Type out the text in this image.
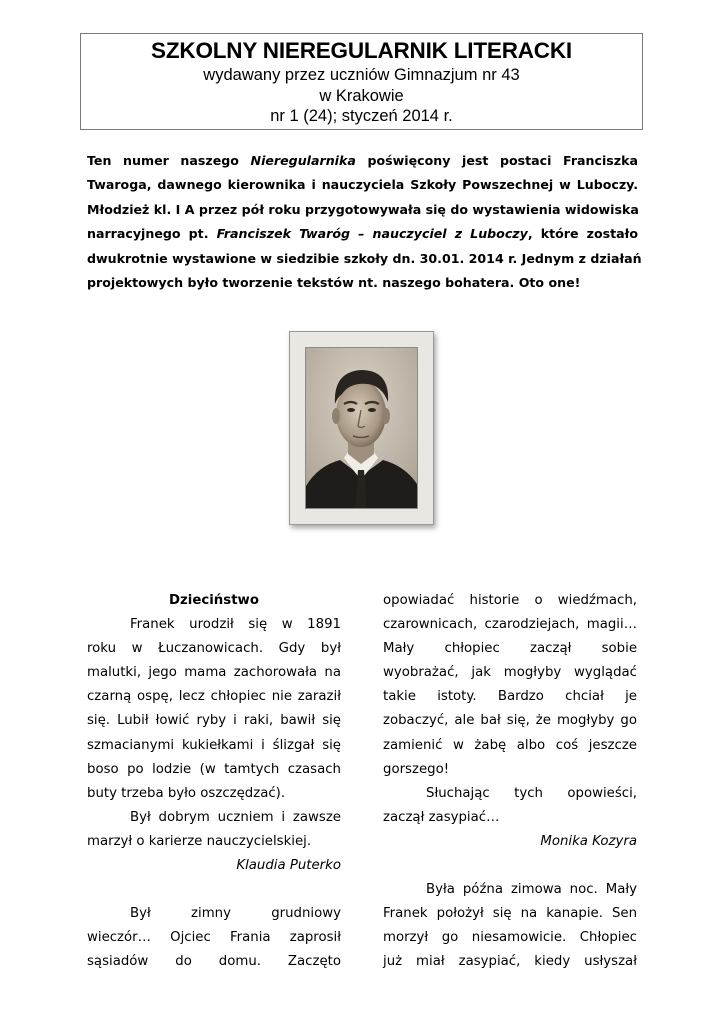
SZKOLNY NIEREGULARNIK LITERACKI
wydawany przez uczniów Gimnazjum nr 43
w Krakowie
nr 1 (24); styczeń 2014 r.
Ten numer naszego Nieregularnika poświęcony jest postaci Franciszka
Twaroga, dawnego kierownika i nauczyciela Szkoły Powszechnej w Luboczy.
Młodzież kl. I A przez pół roku przygotowywała się do wystawienia widowiska
narracyjnego pt. Franciszek Twaróg – nauczyciel z Luboczy, które zostało
dwukrotnie wystawione w siedzibie szkoły dn. 30.01. 2014 r. Jednym z działań
projektowych było tworzenie tekstów nt. naszego bohatera. Oto one!
Dzieciństwo
Franek urodził się w 1891
roku w Łuczanowicach. Gdy był
malutki, jego mama zachorowała na
czarną ospę, lecz chłopiec nie zaraził
się. Lubił łowić ryby i raki, bawił się
szmacianymi kukiełkami i ślizgał się
boso po lodzie (w tamtych czasach
buty trzeba było oszczędzać).
Był dobrym uczniem i zawsze
marzył o karierze nauczycielskiej.
Klaudia Puterko
Był zimny grudniowy
wieczór… Ojciec Frania zaprosił
sąsiadów do domu. Zaczęto
opowiadać historie o wiedźmach,
czarownicach, czarodziejach, magii…
Mały chłopiec zaczął sobie
wyobrażać, jak mogłyby wyglądać
takie istoty. Bardzo chciał je
zobaczyć, ale bał się, że mogłyby go
zamienić w żabę albo coś jeszcze
gorszego!
Słuchając tych opowieści,
zaczął zasypiać…
Monika Kozyra
Była późna zimowa noc. Mały
Franek położył się na kanapie. Sen
morzył go niesamowicie. Chłopiec
już miał zasypiać, kiedy usłyszał
